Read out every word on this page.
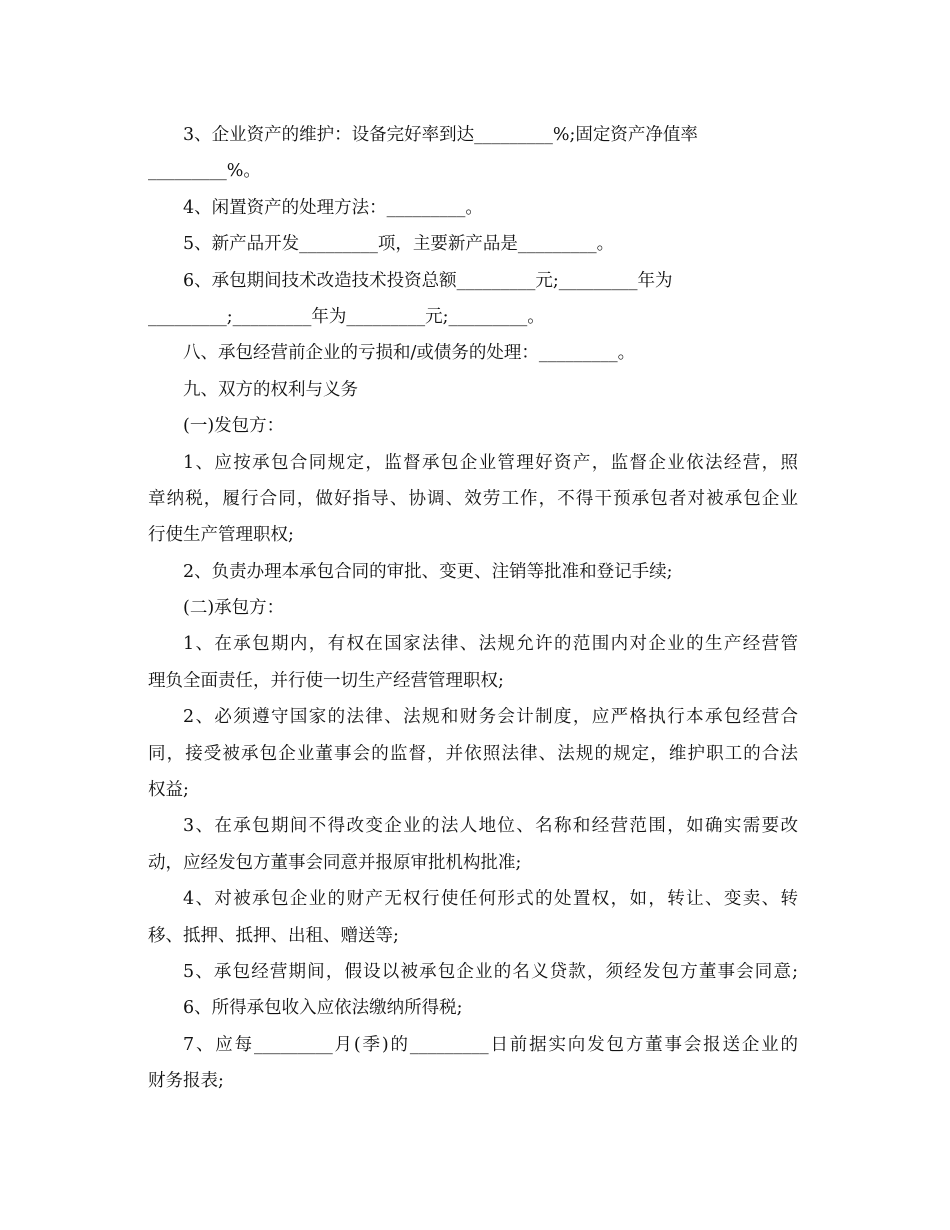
3、企业资产的维护：设备完好率到达_________%;固定资产净值率
_________%。
4、闲置资产的处理方法：_________。
5、新产品开发_________项，主要新产品是_________。
6、承包期间技术改造技术投资总额_________元;_________年为
_________;_________年为_________元;_________。
八、承包经营前企业的亏损和/或债务的处理：_________。
九、双方的权利与义务
(一)发包方：
1、应按承包合同规定，监督承包企业管理好资产，监督企业依法经营，照
章纳税，履行合同，做好指导、协调、效劳工作，不得干预承包者对被承包企业
行使生产管理职权;
2、负责办理本承包合同的审批、变更、注销等批准和登记手续;
(二)承包方：
1、在承包期内，有权在国家法律、法规允许的范围内对企业的生产经营管
理负全面责任，并行使一切生产经营管理职权;
2、必须遵守国家的法律、法规和财务会计制度，应严格执行本承包经营合
同，接受被承包企业董事会的监督，并依照法律、法规的规定，维护职工的合法
权益;
3、在承包期间不得改变企业的法人地位、名称和经营范围，如确实需要改
动，应经发包方董事会同意并报原审批机构批准;
4、对被承包企业的财产无权行使任何形式的处置权，如，转让、变卖、转
移、抵押、抵押、出租、赠送等;
5、承包经营期间，假设以被承包企业的名义贷款，须经发包方董事会同意;
6、所得承包收入应依法缴纳所得税;
7、应每_________月(季)的_________日前据实向发包方董事会报送企业的
财务报表;
